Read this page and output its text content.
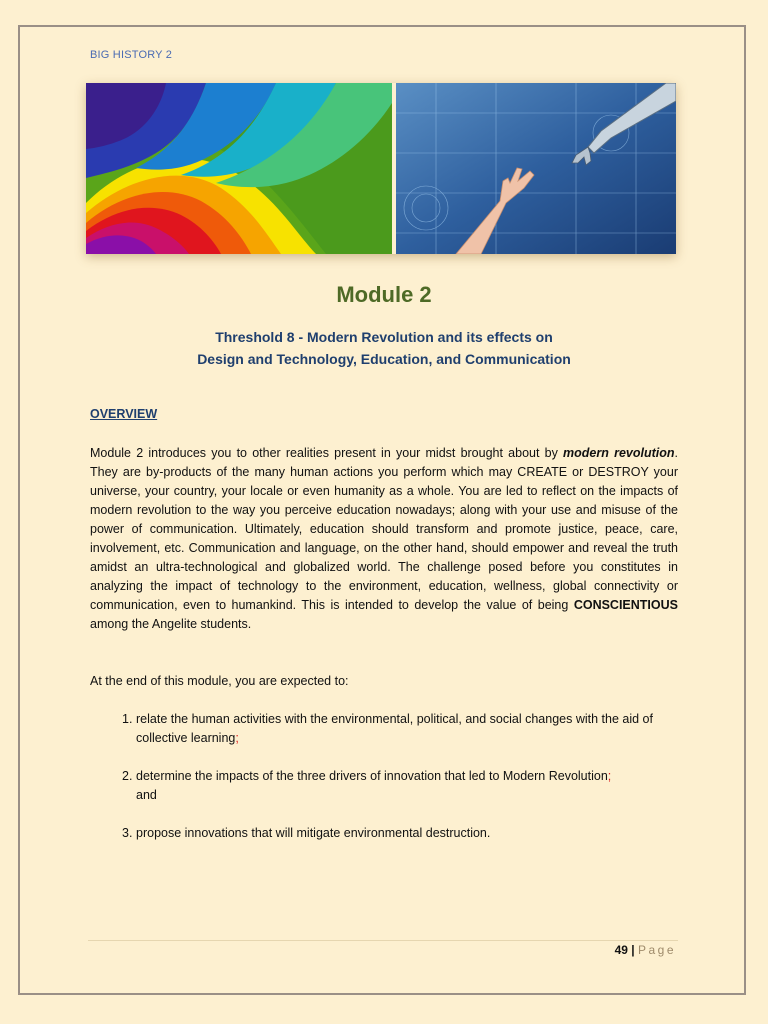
BIG HISTORY 2
Module 2
Threshold 8 - Modern Revolution and its effects on
Design and Technology, Education, and Communication
OVERVIEW
Module 2 introduces you to other realities present in your midst brought about by modern revolution. They are by-products of the many human actions you perform which may CREATE or DESTROY your universe, your country, your locale or even humanity as a whole. You are led to reflect on the impacts of modern revolution to the way you perceive education nowadays; along with your use and misuse of the power of communication. Ultimately, education should transform and promote justice, peace, care, involvement, etc. Communication and language, on the other hand, should empower and reveal the truth amidst an ultra-technological and globalized world. The challenge posed before you constitutes in analyzing the impact of technology to the environment, education, wellness, global connectivity or communication, even to humankind. This is intended to develop the value of being CONSCIENTIOUS among the Angelite students.
At the end of this module, you are expected to:
1. relate the human activities with the environmental, political, and social changes with the aid of collective learning;
2. determine the impacts of the three drivers of innovation that led to Modern Revolution;
and
3. propose innovations that will mitigate environmental destruction.
49 | Page
